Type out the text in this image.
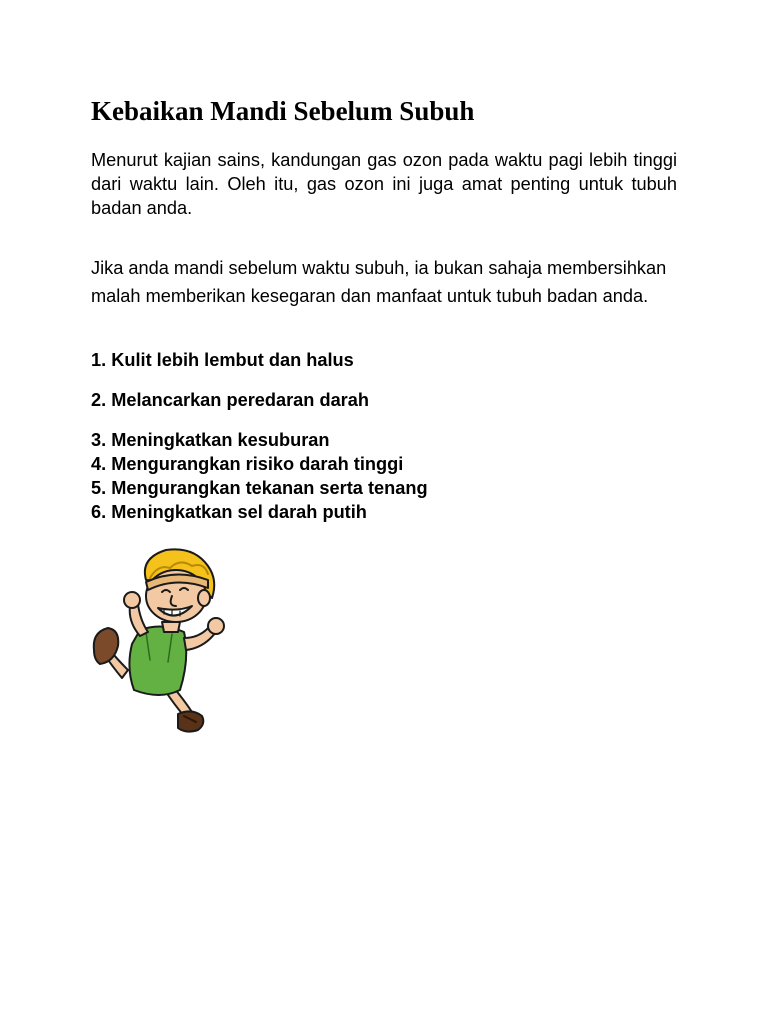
Kebaikan Mandi Sebelum Subuh

Menurut kajian sains, kandungan gas ozon pada waktu pagi lebih tinggi dari waktu lain. Oleh itu, gas ozon ini juga amat penting untuk tubuh badan anda.

Jika anda mandi sebelum waktu subuh, ia bukan sahaja membersihkan malah memberikan kesegaran dan manfaat untuk tubuh badan anda.

1. Kulit lebih lembut dan halus

2. Melancarkan peredaran darah

3. Meningkatkan kesuburan

4. Mengurangkan risiko darah tinggi

5. Mengurangkan tekanan serta tenang

6. Meningkatkan sel darah putih
